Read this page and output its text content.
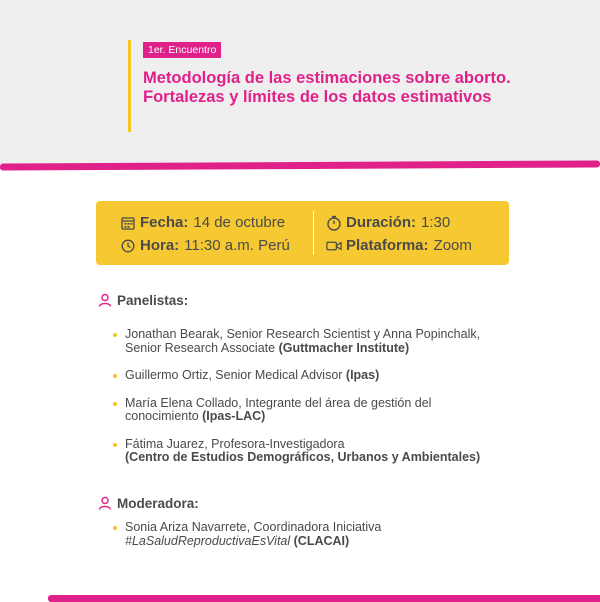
1er. Encuentro
Metodología de las estimaciones sobre aborto. Fortalezas y límites de los datos estimativos
Fecha: 14 de octubre
Hora: 11:30 a.m. Perú
Duración: 1:30
Plataforma: Zoom
Panelistas:
Jonathan Bearak, Senior Research Scientist y Anna Popinchalk,
Senior Research Associate (Guttmacher Institute)
Guillermo Ortiz, Senior Medical Advisor (Ipas)
María Elena Collado, Integrante del área de gestión del
conocimiento (Ipas-LAC)
Fátima Juarez, Profesora-Investigadora
(Centro de Estudios Demográficos, Urbanos y Ambientales)
Moderadora:
Sonia Ariza Navarrete, Coordinadora Iniciativa
#LaSaludReproductivaEsVital (CLACAI)
